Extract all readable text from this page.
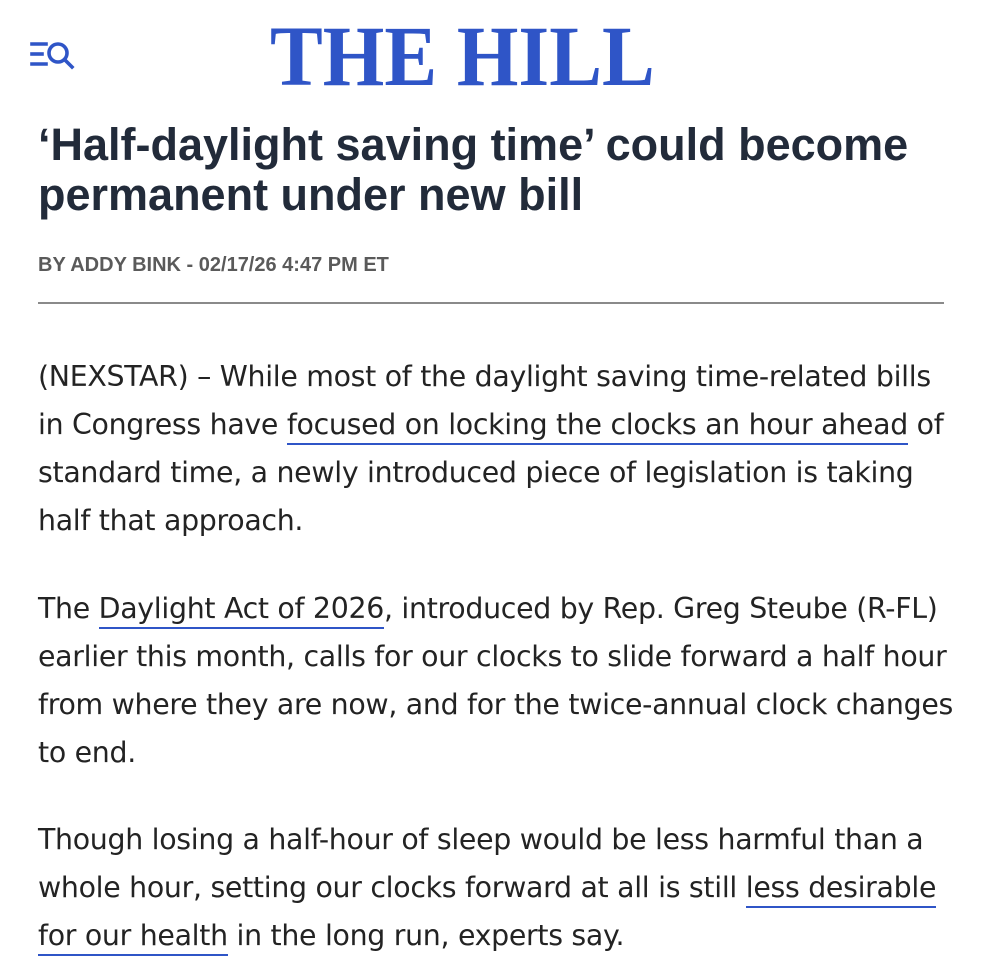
THE HILL
‘Half-daylight saving time’ could become permanent under new bill
BY ADDY BINK - 02/17/26 4:47 PM ET

(NEXSTAR) – While most of the daylight saving time-related bills in Congress have focused on locking the clocks an hour ahead of standard time, a newly introduced piece of legislation is taking half that approach.

The Daylight Act of 2026, introduced by Rep. Greg Steube (R-FL) earlier this month, calls for our clocks to slide forward a half hour from where they are now, and for the twice-annual clock changes to end.

Though losing a half-hour of sleep would be less harmful than a whole hour, setting our clocks forward at all is still less desirable for our health in the long run, experts say.
